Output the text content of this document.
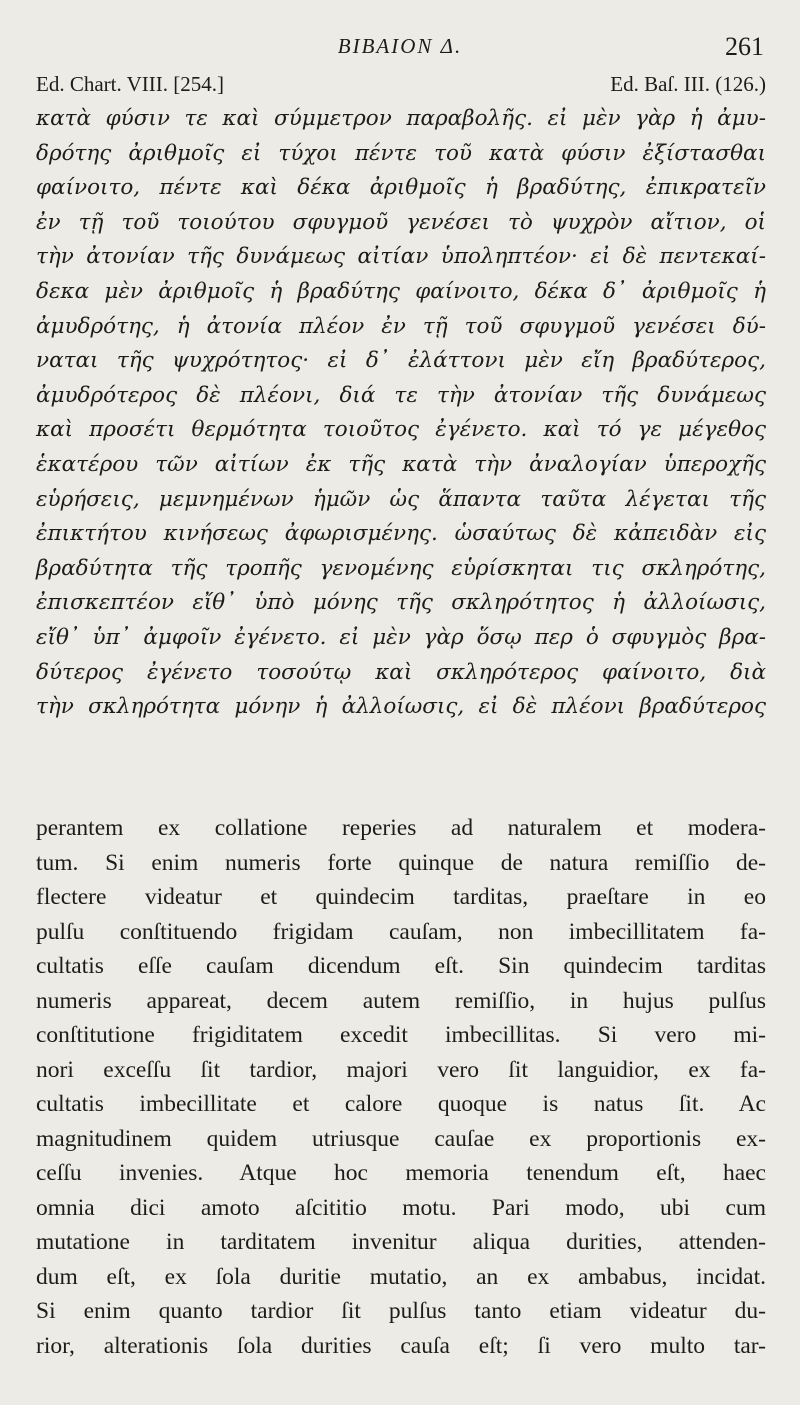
BIBAION Δ.	261
Ed. Chart. VIII. [254.]	Ed. Baſ. III. (126.)
κατὰ φύσιν τε καὶ σύμμετρον παραβολῆς. εἰ μὲν γὰρ ἡ ἀμυ-
δρότης ἀριθμοῖς εἰ τύχοι πέντε τοῦ κατὰ φύσιν ἐξίστασθαι
φαίνοιτο, πέντε καὶ δέκα ἀριθμοῖς ἡ βραδύτης, ἐπικρατεῖν
ἐν τῇ τοῦ τοιούτου σφυγμοῦ γενέσει τὸ ψυχρὸν αἴτιον, οἱ
τὴν ἀτονίαν τῆς δυνάμεως αἰτίαν ὑποληπτέον· εἰ δὲ πεντεκαί-
δεκα μὲν ἀριθμοῖς ἡ βραδύτης φαίνοιτο, δέκα δ᾽ ἀριθμοῖς ἡ
ἀμυδρότης, ἡ ἀτονία πλέον ἐν τῇ τοῦ σφυγμοῦ γενέσει δύ-
ναται τῆς ψυχρότητος· εἰ δ᾽ ἐλάττονι μὲν εἴη βραδύτερος,
ἀμυδρότερος δὲ πλέονι, διά τε τὴν ἀτονίαν τῆς δυνάμεως
καὶ προσέτι θερμότητα τοιοῦτος ἐγένετο. καὶ τό γε μέγεθος
ἑκατέρου τῶν αἰτίων ἐκ τῆς κατὰ τὴν ἀναλογίαν ὑπεροχῆς
εὑρήσεις, μεμνημένων ἡμῶν ὡς ἅπαντα ταῦτα λέγεται τῆς
ἐπικτήτου κινήσεως ἀφωρισμένης. ὡσαύτως δὲ κἀπειδὰν εἰς
βραδύτητα τῆς τροπῆς γενομένης εὑρίσκηται τις σκληρότης,
ἐπισκεπτέον εἴθ᾽ ὑπὸ μόνης τῆς σκληρότητος ἡ ἀλλοίωσις,
εἴθ᾽ ὑπ᾽ ἀμφοῖν ἐγένετο. εἰ μὲν γὰρ ὅσῳ περ ὁ σφυγμὸς βρα-
δύτερος ἐγένετο τοσούτῳ καὶ σκληρότερος φαίνοιτο, διὰ
τὴν σκληρότητα μόνην ἡ ἀλλοίωσις, εἰ δὲ πλέονι βραδύτερος
perantem ex collatione reperies ad naturalem et modera-
tum. Si enim numeris forte quinque de natura remiſſio de-
flectere videatur et quindecim tarditas, praeſtare in eo
pulſu conſtituendo frigidam cauſam, non imbecillitatem fa-
cultatis eſſe cauſam dicendum eſt. Sin quindecim tarditas
numeris appareat, decem autem remiſſio, in hujus pulſus
conſtitutione frigiditatem excedit imbecillitas. Si vero mi-
nori exceſſu ſit tardior, majori vero ſit languidior, ex fa-
cultatis imbecillitate et calore quoque is natus ſit. Ac
magnitudinem quidem utriusque cauſae ex proportionis ex-
ceſſu invenies. Atque hoc memoria tenendum eſt, haec
omnia dici amoto aſcititio motu. Pari modo, ubi cum
mutatione in tarditatem invenitur aliqua durities, attenden-
dum eſt, ex ſola duritie mutatio, an ex ambabus, incidat.
Si enim quanto tardior ſit pulſus tanto etiam videatur du-
rior, alterationis ſola durities cauſa eſt; ſi vero multo tar-
